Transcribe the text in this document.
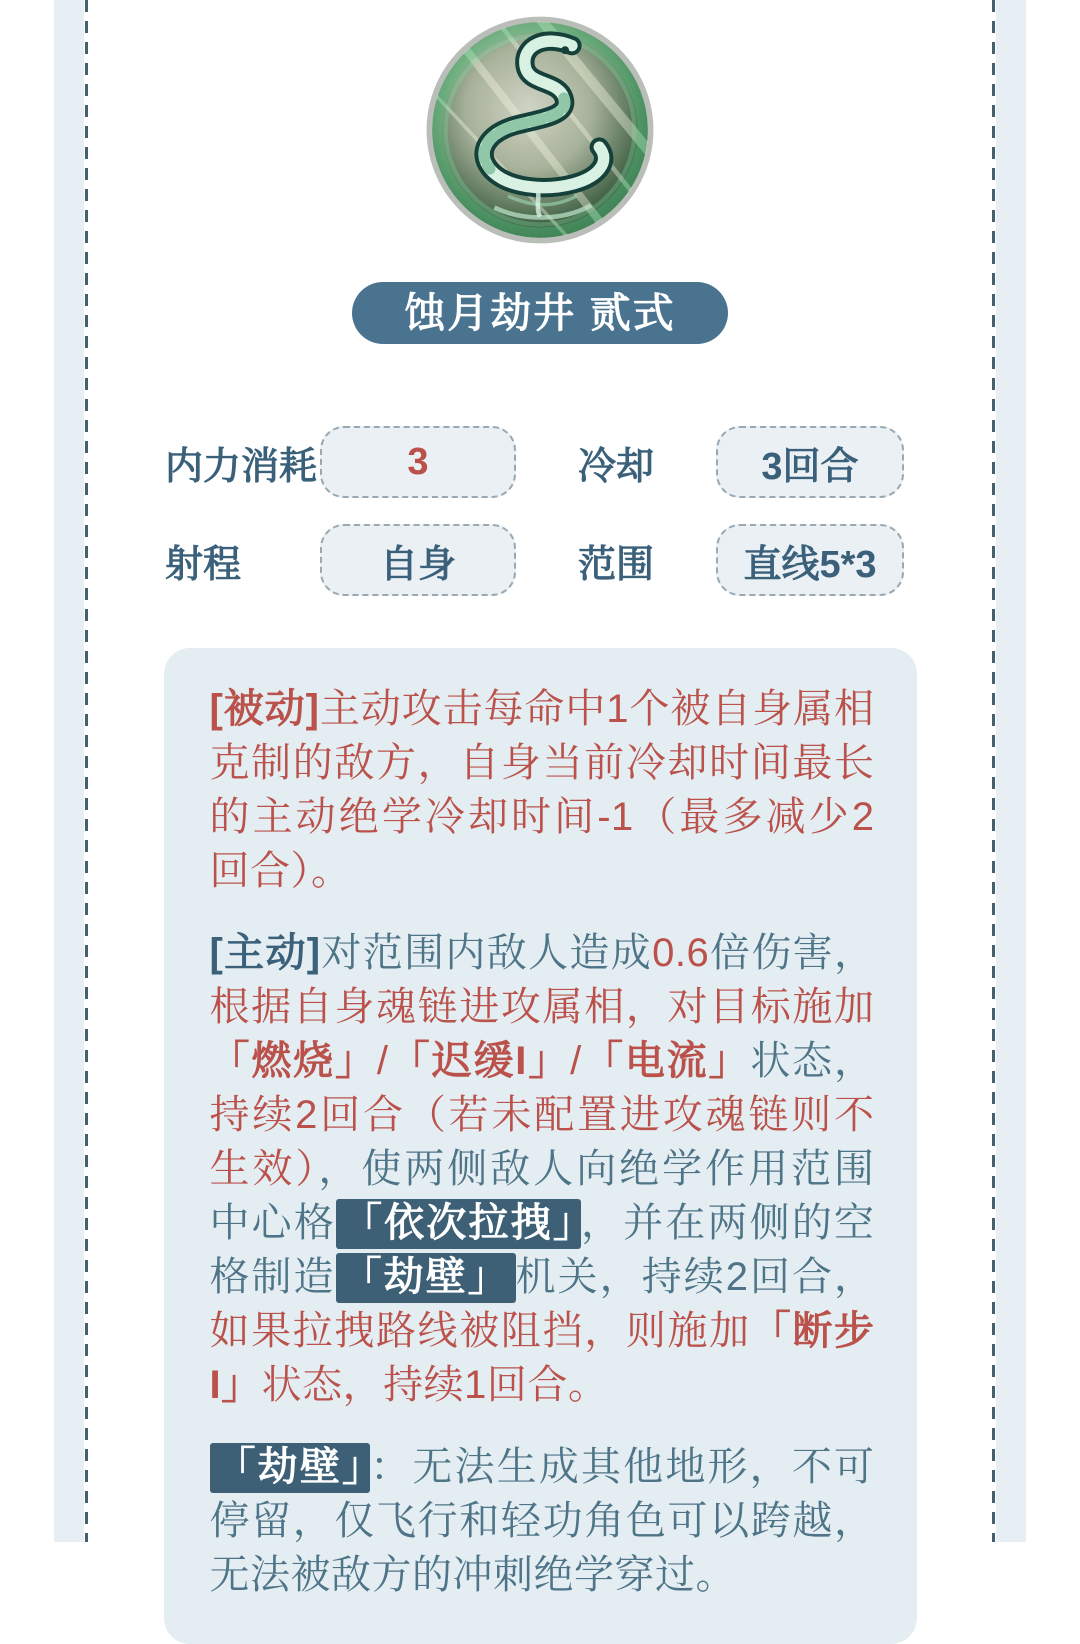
蚀月劫井 贰式
内力消耗 3	冷却	3回合
射程	自身	范围	直线5*3

[被动]主动攻击每命中1个被自身属相克制的敌方，自身当前冷却时间最长的主动绝学冷却时间-1（最多减少2回合）。

[主动]对范围内敌人造成0.6倍伤害，根据自身魂链进攻属相，对目标施加「燃烧」/「迟缓I」/「电流」状态，持续2回合（若未配置进攻魂链则不生效），使两侧敌人向绝学作用范围中心格 「依次拉拽」 ，并在两侧的空格制造 「劫壁」 机关，持续2回合，如果拉拽路线被阻挡，则施加「断步I」状态，持续1回合。

「劫壁」 ：无法生成其他地形，不可停留，仅飞行和轻功角色可以跨越，无法被敌方的冲刺绝学穿过。
